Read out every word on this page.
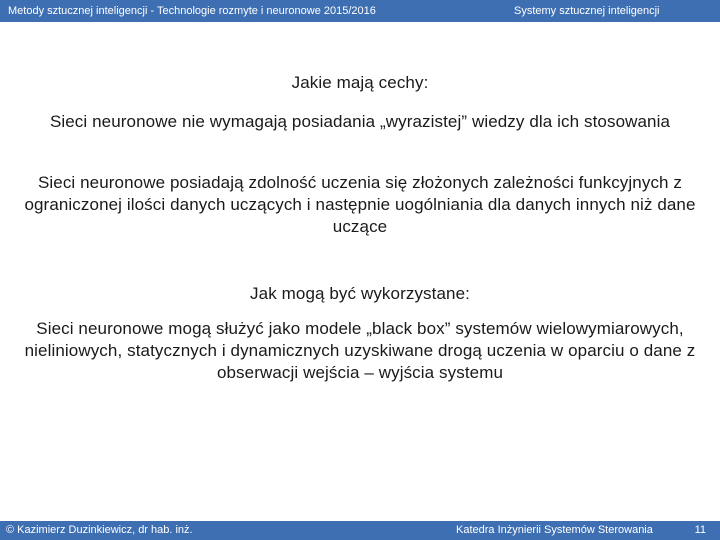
Metody sztucznej inteligencji - Technologie rozmyte i neuronowe 2015/2016	Systemy sztucznej inteligencji
Jakie mają cechy:
Sieci neuronowe nie wymagają posiadania „wyrazistej” wiedzy dla ich stosowania
Sieci neuronowe posiadają zdolność uczenia się złożonych zależności funkcyjnych z ograniczonej ilości danych uczących i następnie uogólniania dla danych innych niż dane uczące
Jak mogą być wykorzystane:
Sieci neuronowe mogą służyć jako modele „black box” systemów wielowymiarowych, nieliniowych, statycznych i dynamicznych uzyskiwane drogą uczenia w oparciu o dane z obserwacji wejścia – wyjścia systemu
© Kazimierz Duzinkiewicz, dr hab. inż.	Katedra Inżynierii Systemów Sterowania	11
